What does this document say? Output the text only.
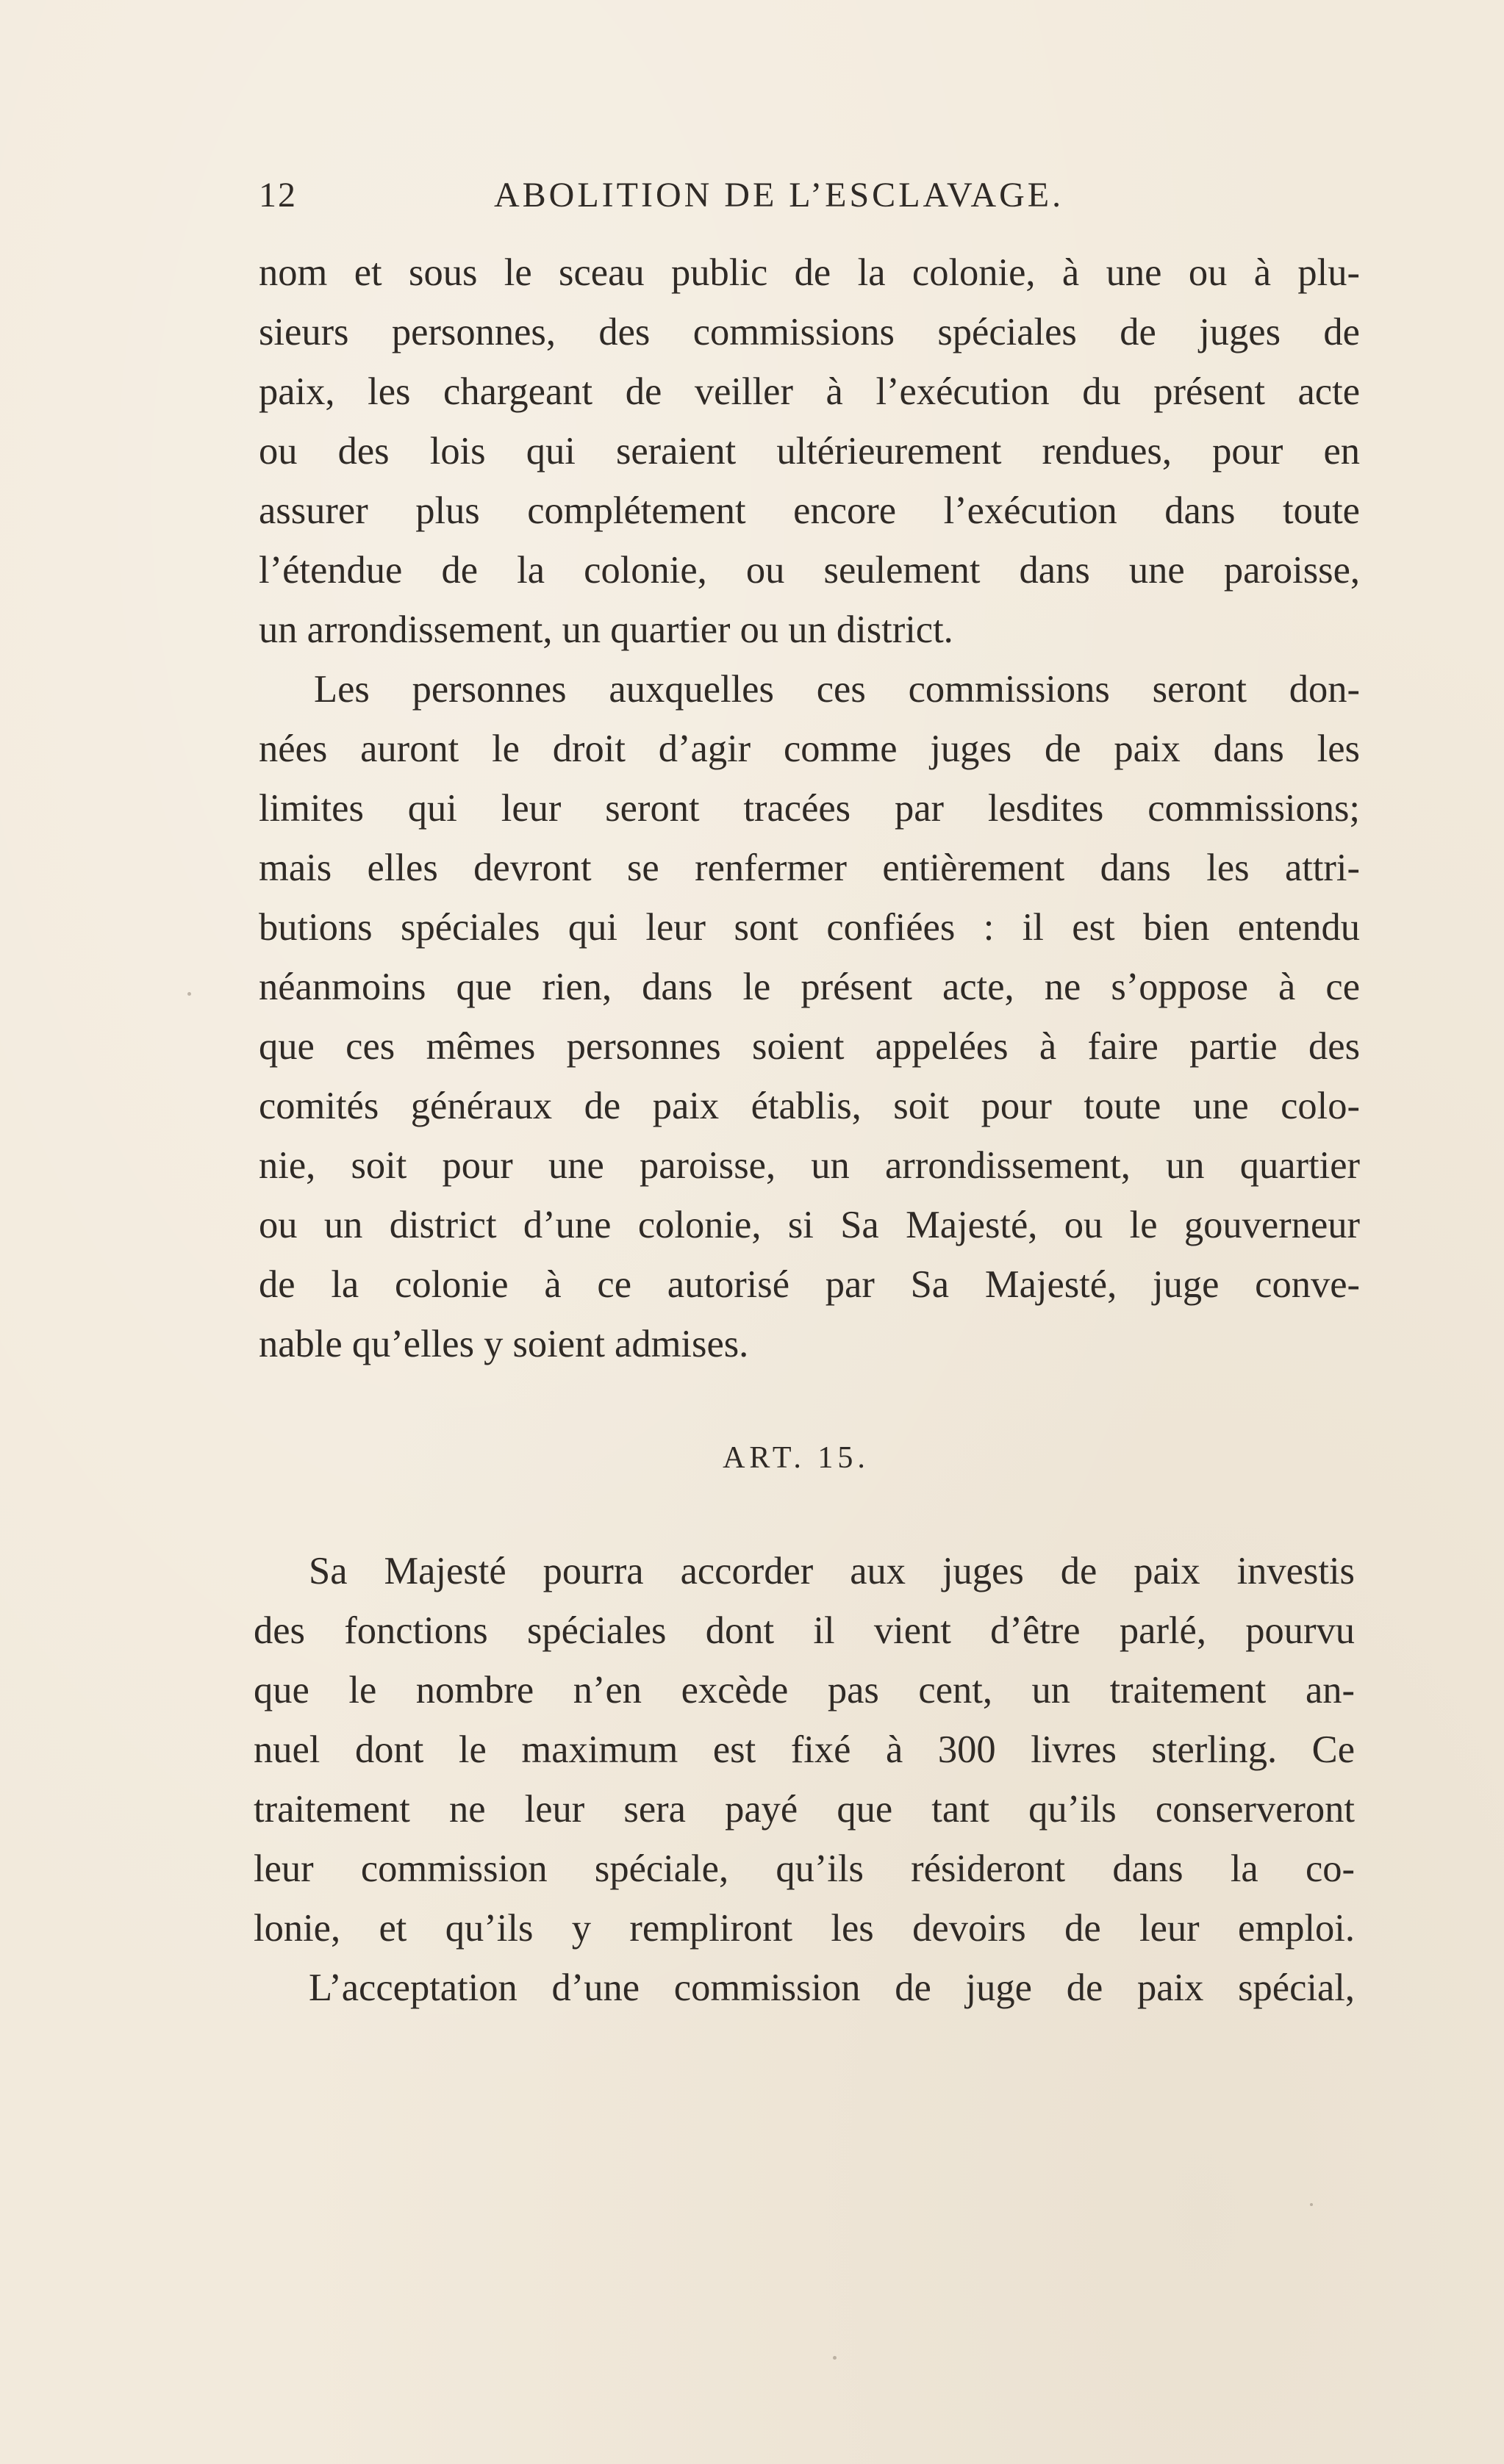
12	ABOLITION DE L’ESCLAVAGE.
nom et sous le sceau public de la colonie, à une ou à plu-
sieurs personnes, des commissions spéciales de juges de
paix, les chargeant de veiller à l’exécution du présent acte
ou des lois qui seraient ultérieurement rendues, pour en
assurer plus complétement encore l’exécution dans toute
l’étendue de la colonie, ou seulement dans une paroisse,
un arrondissement, un quartier ou un district.
Les personnes auxquelles ces commissions seront don-
nées auront le droit d’agir comme juges de paix dans les
limites qui leur seront tracées par lesdites commissions;
mais elles devront se renfermer entièrement dans les attri-
butions spéciales qui leur sont confiées : il est bien entendu
néanmoins que rien, dans le présent acte, ne s’oppose à ce
que ces mêmes personnes soient appelées à faire partie des
comités généraux de paix établis, soit pour toute une colo-
nie, soit pour une paroisse, un arrondissement, un quartier
ou un district d’une colonie, si Sa Majesté, ou le gouverneur
de la colonie à ce autorisé par Sa Majesté, juge conve-
nable qu’elles y soient admises.
ART. 15.
Sa Majesté pourra accorder aux juges de paix investis
des fonctions spéciales dont il vient d’être parlé, pourvu
que le nombre n’en excède pas cent, un traitement an-
nuel dont le maximum est fixé à 300 livres sterling. Ce
traitement ne leur sera payé que tant qu’ils conserveront
leur commission spéciale, qu’ils résideront dans la co-
lonie, et qu’ils y rempliront les devoirs de leur emploi.
L’acceptation d’une commission de juge de paix spécial,
